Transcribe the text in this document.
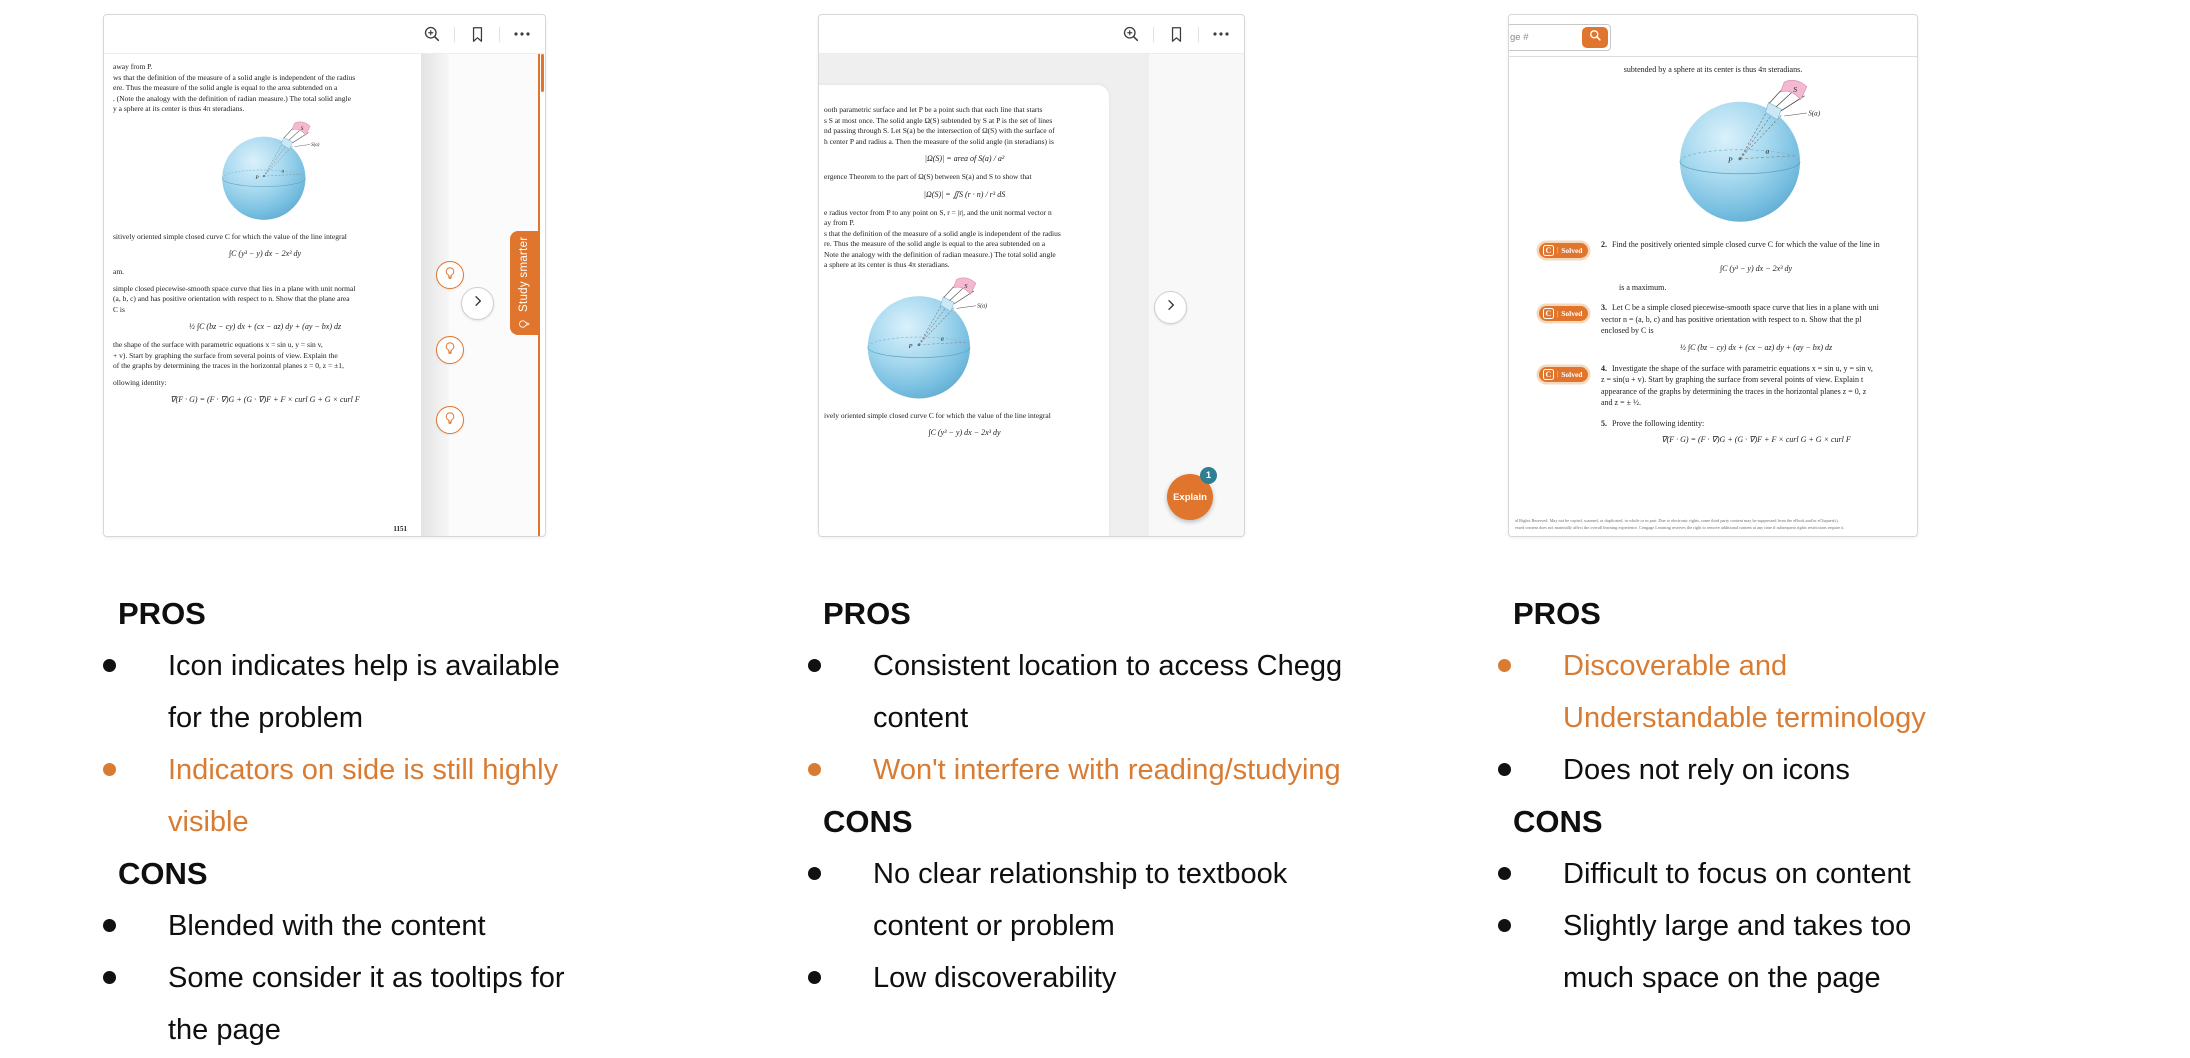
1151
away from P.
ws that the definition of the measure of a solid angle is independent of the radius
ere. Thus the measure of the solid angle is equal to the area subtended on a
. (Note the analogy with the definition of radian measure.) The total solid angle
y a sphere at its center is thus 4π steradians.
S
S(a)
P
a
sitively oriented simple closed curve C for which the value of the line integral
∫C (y³ − y) dx − 2x³ dy
am.
simple closed piecewise-smooth space curve that lies in a plane with unit normal
(a, b, c) and has positive orientation with respect to n. Show that the plane area
C is
½ ∫C (bz − cy) dx + (cx − az) dy + (ay − bx) dz
the shape of the surface with parametric equations x = sin u, y = sin v,
+ v). Start by graphing the surface from several points of view. Explain the
of the graphs by determining the traces in the horizontal planes z = 0, z = ±1,
ollowing identity:
∇(F · G) = (F · ∇)G + (G · ∇)F + F × curl G + G × curl F
Study smarter
ooth parametric surface and let P be a point such that each line that starts
s S at most once. The solid angle Ω(S) subtended by S at P is the set of lines
nd passing through S. Let S(a) be the intersection of Ω(S) with the surface of
h center P and radius a. Then the measure of the solid angle (in steradians) is
|Ω(S)| = area of S(a) / a²
ergence Theorem to the part of Ω(S) between S(a) and S to show that
|Ω(S)| = ∬S (r · n) / r³ dS
e radius vector from P to any point on S, r = |r|, and the unit normal vector n
ay from P.
s that the definition of the measure of a solid angle is independent of the radius
re. Thus the measure of the solid angle is equal to the area subtended on a
Note the analogy with the definition of radian measure.) The total solid angle
a sphere at its center is thus 4π steradians.
S
S(a)
P
a
ively oriented simple closed curve C for which the value of the line integral
∫C (y³ − y) dx − 2x³ dy
Explain
1
ge #
subtended by a sphere at its center is thus 4π steradians.
S
S(a)
P
a
C | Solved
2. Find the positively oriented simple closed curve C for which the value of the line in
∫C (y³ − y) dx − 2x³ dy
is a maximum.
C | Solved
3. Let C be a simple closed piecewise-smooth space curve that lies in a plane with uni
vector n = (a, b, c) and has positive orientation with respect to n. Show that the pl
enclosed by C is
½ ∫C (bz − cy) dx + (cx − az) dy + (ay − bx) dz
C | Solved
4. Investigate the shape of the surface with parametric equations x = sin u, y = sin v,
z = sin(u + v). Start by graphing the surface from several points of view. Explain t
appearance of the graphs by determining the traces in the horizontal planes z = 0, z
and z = ± ½.
5. Prove the following identity:
∇(F · G) = (F · ∇)G + (G · ∇)F + F × curl G + G × curl F
al Rights Reserved. May not be copied, scanned, or duplicated, in whole or in part. Due to electronic rights, some third party content may be suppressed from the eBook and/or eChapter(s).
essed content does not materially affect the overall learning experience. Cengage Learning reserves the right to remove additional content at any time if subsequent rights restrictions require it.
PROS
Icon indicates help is available for the problem
Indicators on side is still highly visible
CONS
Blended with the content
Some consider it as tooltips for the page
PROS
Consistent location to access Chegg content
Won't interfere with reading/studying
CONS
No clear relationship to textbook content or problem
Low discoverability
PROS
Discoverable and Understandable terminology
Does not rely on icons
CONS
Difficult to focus on content
Slightly large and takes too much space on the page
